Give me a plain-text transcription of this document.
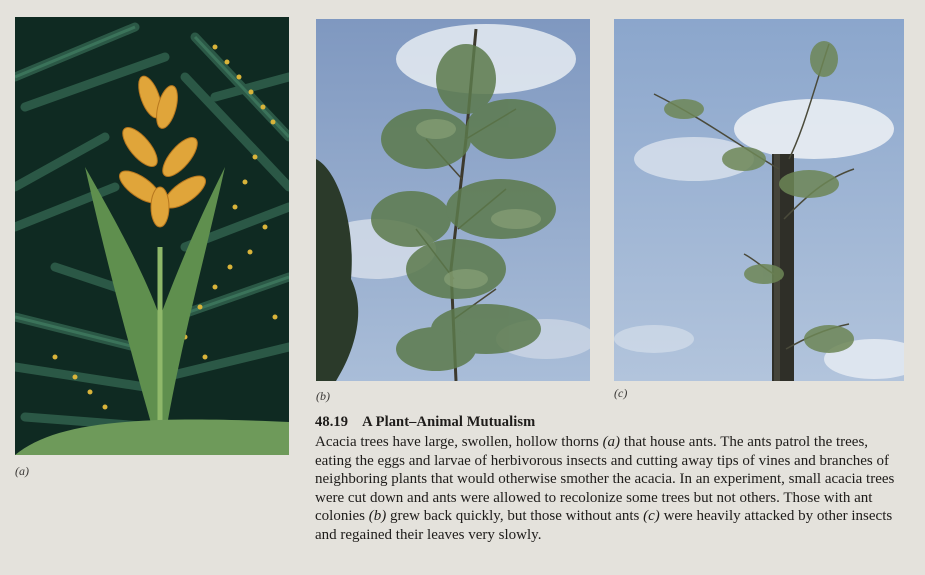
(a)
(b)	(c)

48.19 A Plant–Animal Mutualism

Acacia trees have large, swollen, hollow thorns (a) that house ants. The ants patrol the trees, eating the eggs and larvae of herbivorous insects and cutting away tips of vines and branches of neighboring plants that would otherwise smother the acacia. In an experiment, small acacia trees were cut down and ants were allowed to recolonize some trees but not others. Those with ant colonies (b) grew back quickly, but those without ants (c) were heavily attacked by other insects and regained their leaves very slowly.
